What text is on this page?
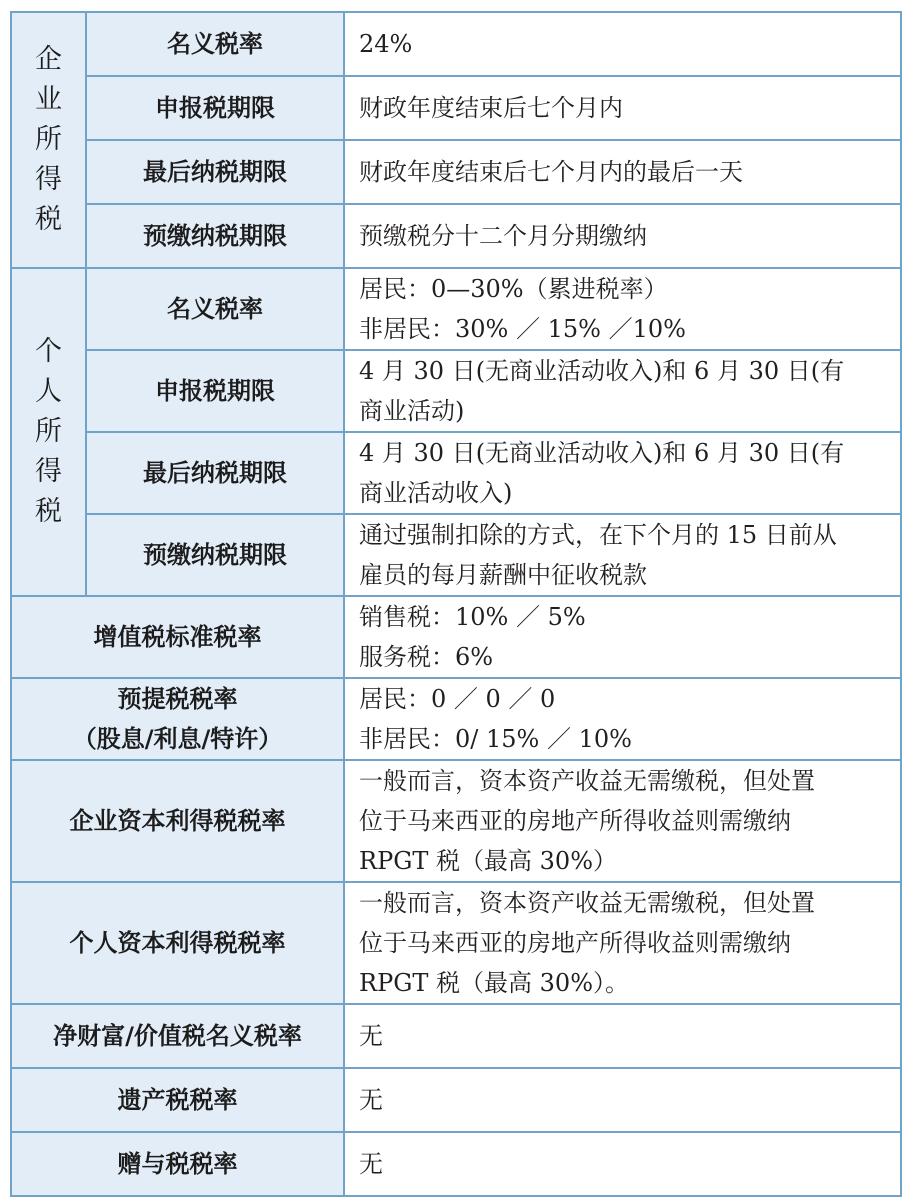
企
业
所
得
税	名义税率	24%
	申报税期限	财政年度结束后七个月内
	最后纳税期限	财政年度结束后七个月内的最后一天
	预缴纳税期限	预缴税分十二个月分期缴纳

个
人
所
得
税	名义税率	居民：0—30%（累进税率）
非居民：30% ／ 15% ／10%

	申报税期限	4 月 30 日(无商业活动收入)和 6 月 30 日(有
商业活动)

	最后纳税期限	4 月 30 日(无商业活动收入)和 6 月 30 日(有
商业活动收入)

	预缴纳税期限	通过强制扣除的方式，在下个月的 15 日前从
雇员的每月薪酬中征收税款

增值税标准税率		销售税：10% ／ 5%
服务税：6%

预提税税率
（股息/利息/特许）		居民：0 ／ 0 ／ 0
非居民：0/ 15% ／ 10%

企业资本利得税税率		一般而言，资本资产收益无需缴税，但处置
位于马来西亚的房地产所得收益则需缴纳
RPGT 税（最高 30%）

个人资本利得税税率		一般而言，资本资产收益无需缴税，但处置
位于马来西亚的房地产所得收益则需缴纳
RPGT 税（最高 30%）。

净财富/价值税名义税率		无

遗产税税率		无

赠与税税率		无
